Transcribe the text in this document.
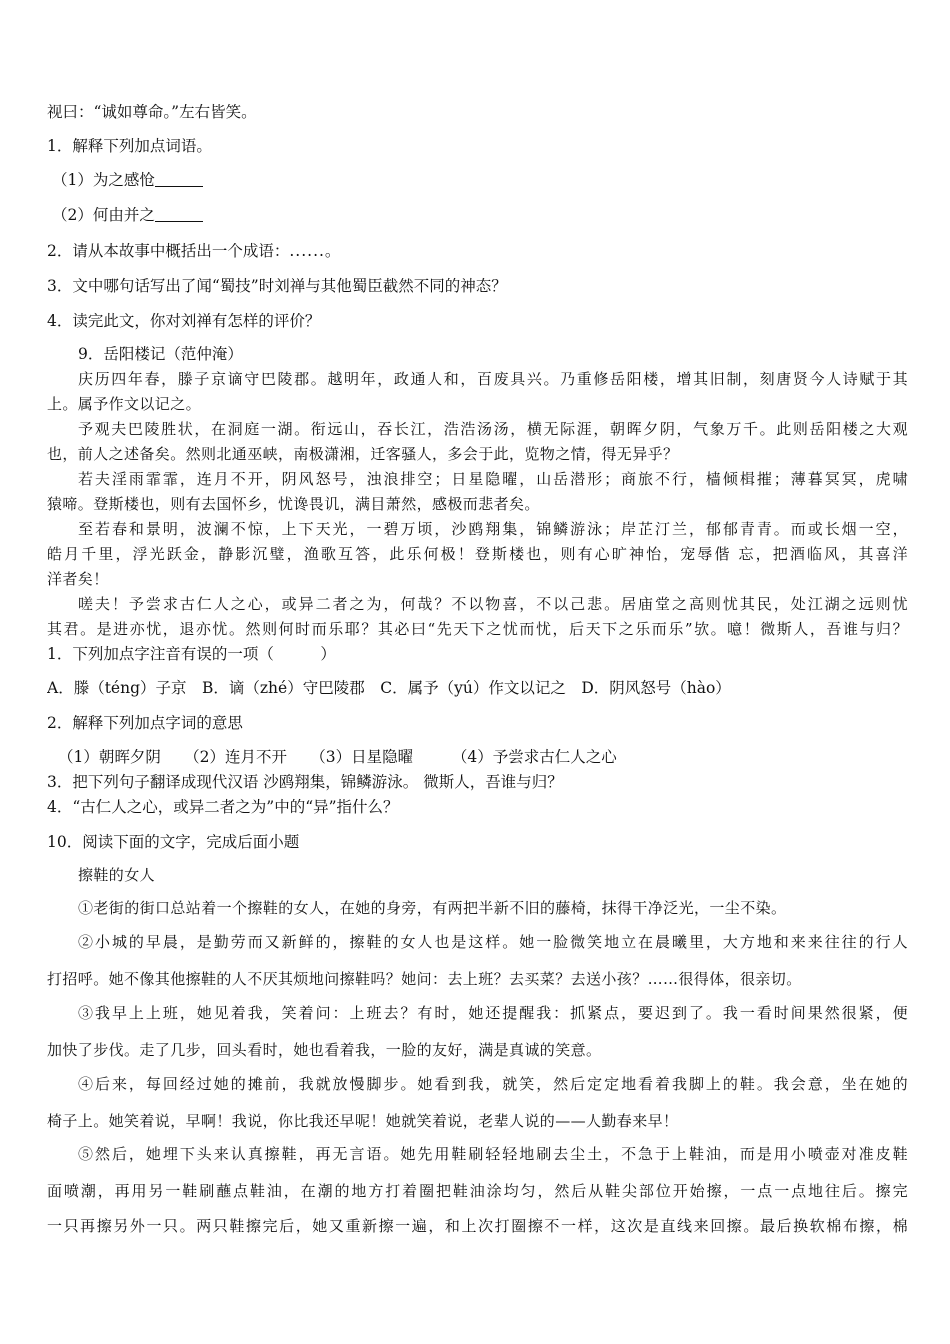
视曰：“诚如尊命。”左右皆笑。
1．解释下列加点词语。
（1）为之感怆
（2）何由并之
2．请从本故事中概括出一个成语：......。
3．文中哪句话写出了闻“蜀技”时刘禅与其他蜀臣截然不同的神态？
4．读完此文，你对刘禅有怎样的评价？
9．岳阳楼记（范仲淹）
庆历四年春，滕子京谪守巴陵郡。越明年，政通人和，百废具兴。乃重修岳阳楼，增其旧制，刻唐贤今人诗赋于其
上。属予作文以记之。
予观夫巴陵胜状，在洞庭一湖。衔远山，吞长江，浩浩汤汤，横无际涯，朝晖夕阴，气象万千。此则岳阳楼之大观
也，前人之述备矣。然则北通巫峡，南极潇湘，迁客骚人，多会于此，览物之情，得无异乎？
若夫淫雨霏霏，连月不开，阴风怒号，浊浪排空；日星隐曜，山岳潜形；商旅不行，樯倾楫摧；薄暮冥冥，虎啸
猿啼。登斯楼也，则有去国怀乡，忧谗畏讥，满目萧然，感极而悲者矣。
至若春和景明，波澜不惊，上下天光，一碧万顷，沙鸥翔集，锦鳞游泳；岸芷汀兰，郁郁青青。而或长烟一空，
皓月千里，浮光跃金，静影沉璧，渔歌互答，此乐何极！登斯楼也，则有心旷神怡，宠辱偕 忘，把酒临风，其喜洋
洋者矣！
嗟夫！予尝求古仁人之心，或异二者之为，何哉？不以物喜，不以己悲。居庙堂之高则忧其民，处江湖之远则忧
其君。是进亦忧，退亦忧。然则何时而乐耶？其必曰“先天下之忧而忧，后天下之乐而乐”欤。噫！微斯人，吾谁与归？
1．下列加点字注音有误的一项（　　　）
A．滕（téng）子京　B．谪（zhé）守巴陵郡　C．属予（yú）作文以记之　D．阴风怒号（hào）
2．解释下列加点字词的意思
（1）朝晖夕阴　　（2）连月不开　　（3）日星隐曜　　　（4）予尝求古仁人之心
3．把下列句子翻译成现代汉语 沙鸥翔集，锦鳞游泳。 微斯人，吾谁与归？
4．“古仁人之心，或异二者之为”中的“异”指什么？
10．阅读下面的文字，完成后面小题
擦鞋的女人
①老街的街口总站着一个擦鞋的女人，在她的身旁，有两把半新不旧的藤椅，抹得干净泛光，一尘不染。
②小城的早晨，是勤劳而又新鲜的，擦鞋的女人也是这样。她一脸微笑地立在晨曦里，大方地和来来往往的行人
打招呼。她不像其他擦鞋的人不厌其烦地问擦鞋吗？她问：去上班？去买菜？去送小孩？……很得体，很亲切。
③我早上上班，她见着我，笑着问：上班去？有时，她还提醒我：抓紧点，要迟到了。我一看时间果然很紧，便
加快了步伐。走了几步，回头看时，她也看着我，一脸的友好，满是真诚的笑意。
④后来，每回经过她的摊前，我就放慢脚步。她看到我，就笑，然后定定地看着我脚上的鞋。我会意，坐在她的
椅子上。她笑着说，早啊！我说，你比我还早呢！她就笑着说，老辈人说的——人勤春来早！
⑤然后，她埋下头来认真擦鞋，再无言语。她先用鞋刷轻轻地刷去尘土，不急于上鞋油，而是用小喷壶对准皮鞋
面喷潮，再用另一鞋刷蘸点鞋油，在潮的地方打着圈把鞋油涂均匀，然后从鞋尖部位开始擦，一点一点地往后。擦完
一只再擦另外一只。两只鞋擦完后，她又重新擦一遍，和上次打圈擦不一样，这次是直线来回擦。最后换软棉布擦，棉
